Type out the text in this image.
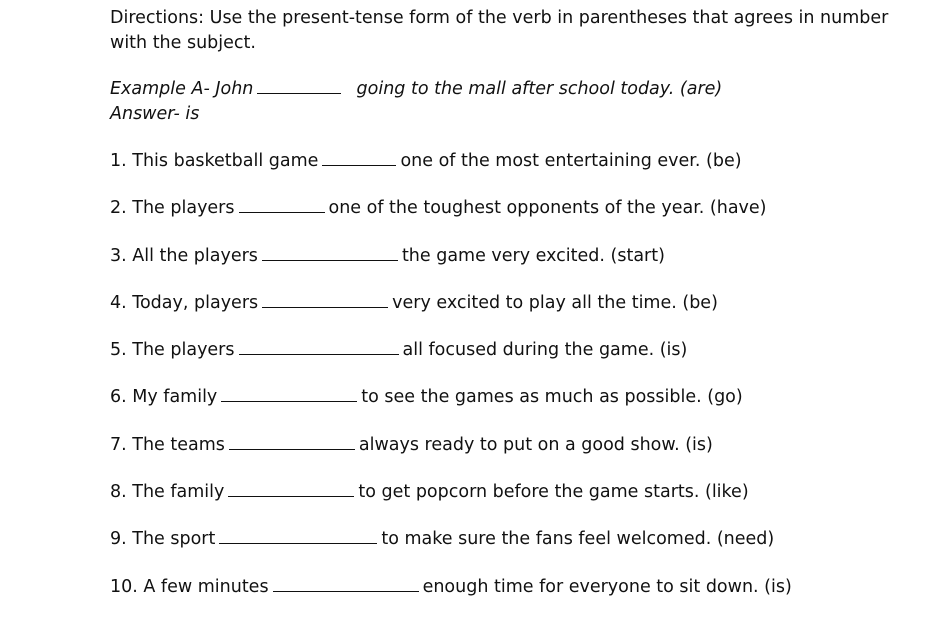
Directions: Use the present-tense form of the verb in parentheses that agrees in number with the subject.

Example A- John	going to the mall after school today. (are)
Answer- is
1. This basketball game	one of the most entertaining ever. (be)
2. The players	one of the toughest opponents of the year. (have)
3. All the players	the game very excited. (start)
4. Today, players	very excited to play all the time. (be)
5. The players	all focused during the game. (is)
6. My family	to see the games as much as possible. (go)
7. The teams	always ready to put on a good show. (is)
8. The family	to get popcorn before the game starts. (like)
9. The sport	to make sure the fans feel welcomed. (need)
10. A few minutes	enough time for everyone to sit down. (is)
